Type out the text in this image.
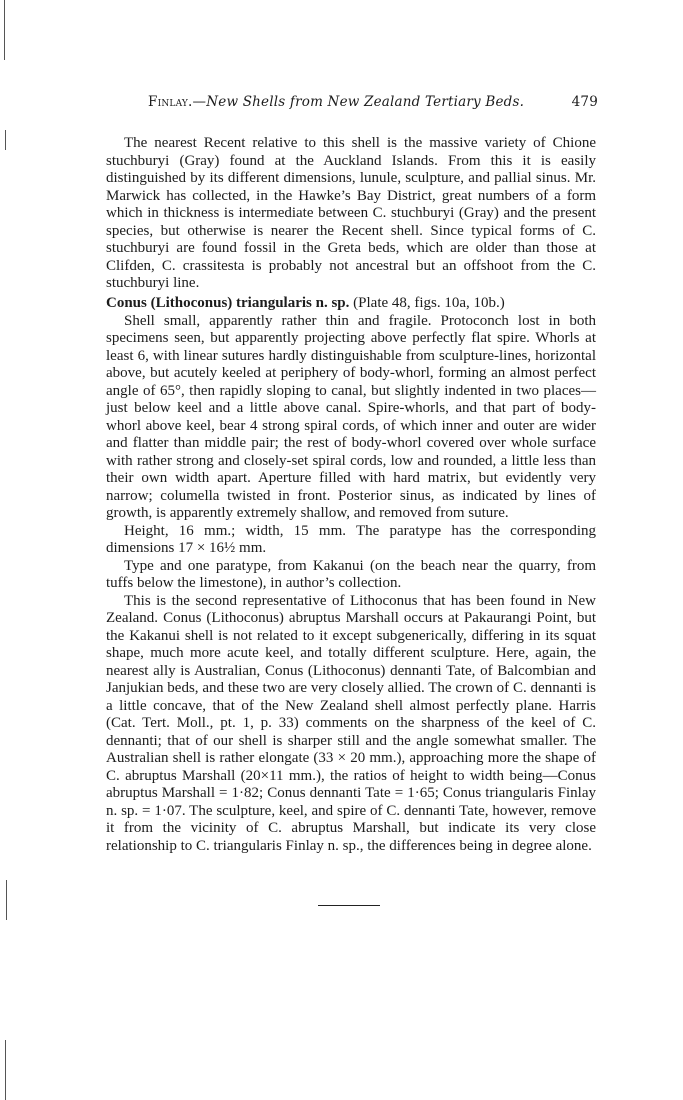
Finlay.—New Shells from New Zealand Tertiary Beds.	479

The nearest Recent relative to this shell is the massive variety of Chione stuchburyi (Gray) found at the Auckland Islands. From this it is easily distinguished by its different dimensions, lunule, sculpture, and pallial sinus. Mr. Marwick has collected, in the Hawke’s Bay District, great numbers of a form which in thickness is intermediate between C. stuchburyi (Gray) and the present species, but otherwise is nearer the Recent shell. Since typical forms of C. stuchburyi are found fossil in the Greta beds, which are older than those at Clifden, C. crassitesta is probably not ancestral but an offshoot from the C. stuchburyi line.

Conus (Lithoconus) triangularis n. sp. (Plate 48, figs. 10a, 10b.)

Shell small, apparently rather thin and fragile. Protoconch lost in both specimens seen, but apparently projecting above perfectly flat spire. Whorls at least 6, with linear sutures hardly distinguishable from sculpture-lines, horizontal above, but acutely keeled at periphery of body-whorl, forming an almost perfect angle of 65°, then rapidly sloping to canal, but slightly indented in two places—just below keel and a little above canal. Spire-whorls, and that part of body-whorl above keel, bear 4 strong spiral cords, of which inner and outer are wider and flatter than middle pair; the rest of body-whorl covered over whole surface with rather strong and closely-set spiral cords, low and rounded, a little less than their own width apart. Aperture filled with hard matrix, but evidently very narrow; columella twisted in front. Posterior sinus, as indicated by lines of growth, is apparently extremely shallow, and removed from suture.

Height, 16 mm.; width, 15 mm. The paratype has the corresponding dimensions 17 × 16½ mm.

Type and one paratype, from Kakanui (on the beach near the quarry, from tuffs below the limestone), in author’s collection.

This is the second representative of Lithoconus that has been found in New Zealand. Conus (Lithoconus) abruptus Marshall occurs at Pakaurangi Point, but the Kakanui shell is not related to it except subgenerically, differing in its squat shape, much more acute keel, and totally different sculpture. Here, again, the nearest ally is Australian, Conus (Lithoconus) dennanti Tate, of Balcombian and Janjukian beds, and these two are very closely allied. The crown of C. dennanti is a little concave, that of the New Zealand shell almost perfectly plane. Harris (Cat. Tert. Moll., pt. 1, p. 33) comments on the sharpness of the keel of C. dennanti; that of our shell is sharper still and the angle somewhat smaller. The Australian shell is rather elongate (33 × 20 mm.), approaching more the shape of C. abruptus Marshall (20×11 mm.), the ratios of height to width being—Conus abruptus Marshall = 1·82; Conus dennanti Tate = 1·65; Conus triangularis Finlay n. sp. = 1·07. The sculpture, keel, and spire of C. dennanti Tate, however, remove it from the vicinity of C. abruptus Marshall, but indicate its very close relationship to C. triangularis Finlay n. sp., the differences being in degree alone.
